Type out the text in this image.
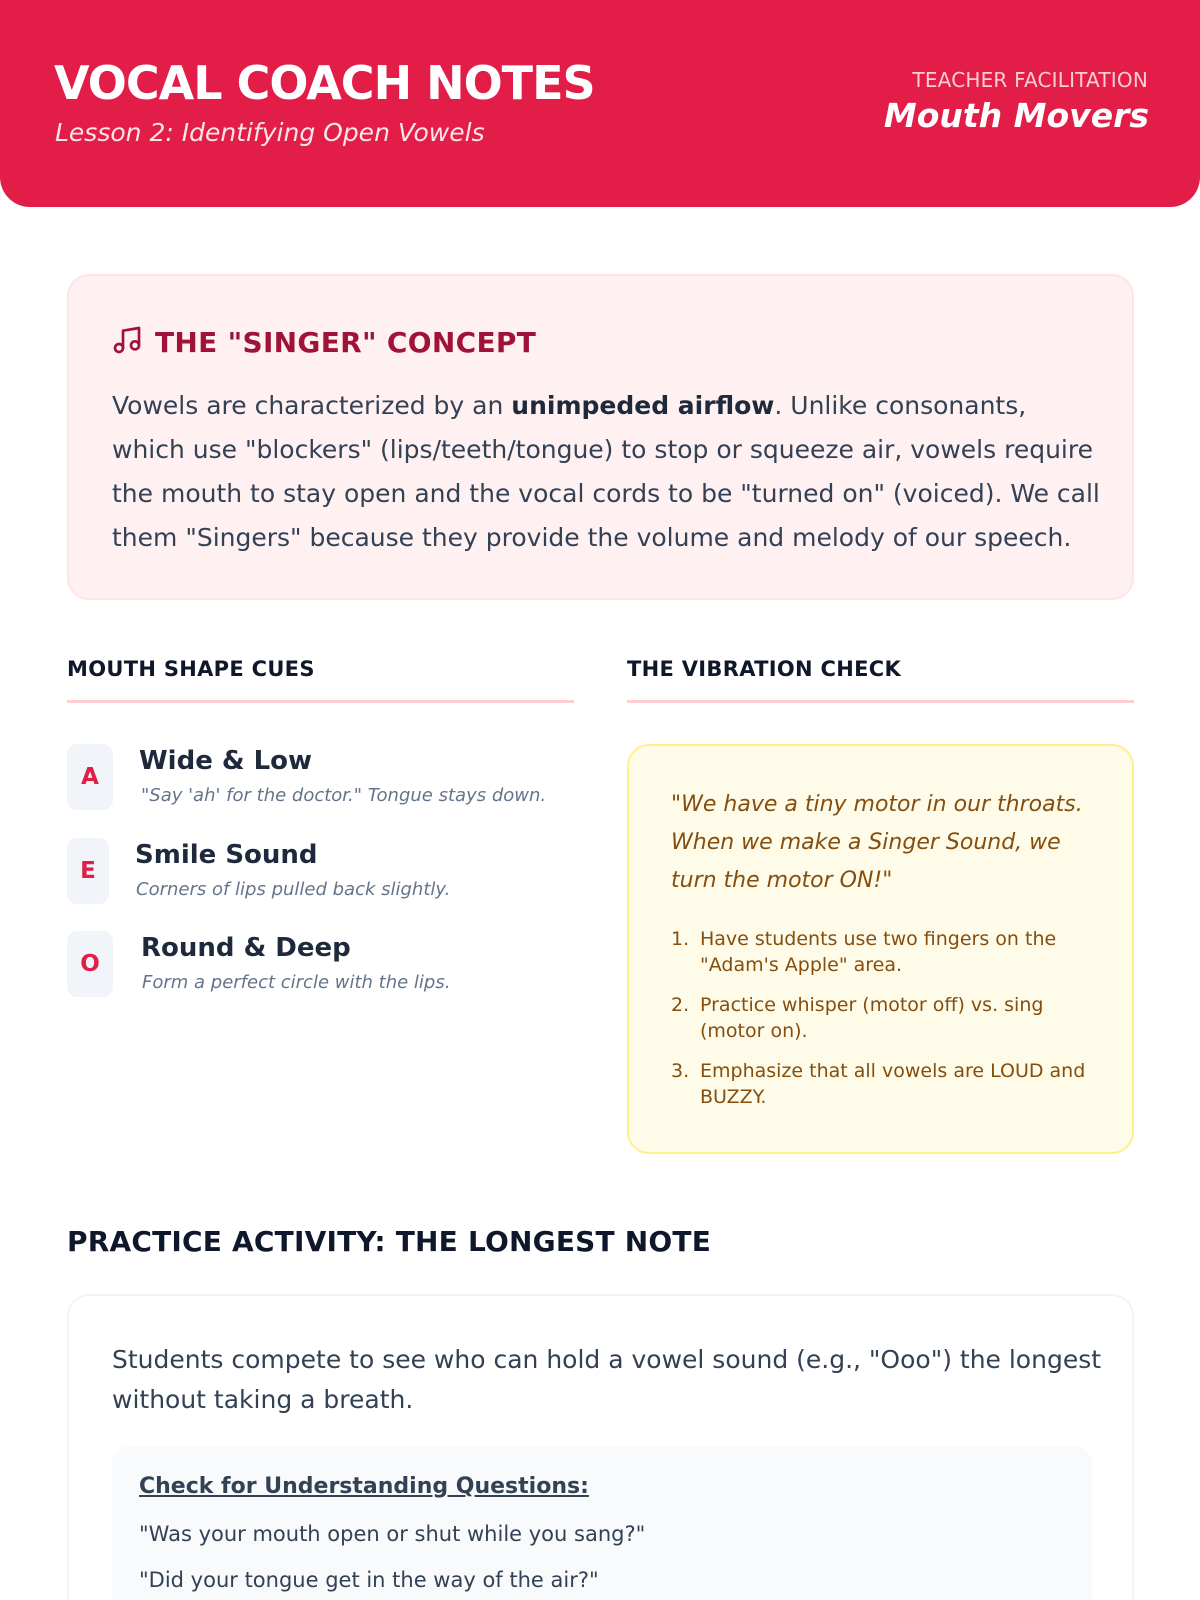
VOCAL COACH NOTES
Lesson 2: Identifying Open Vowels
TEACHER FACILITATION
Mouth Movers
THE "SINGER" CONCEPT

Vowels are characterized by an unimpeded airflow. Unlike consonants, which use "blockers" (lips/teeth/tongue) to stop or squeeze air, vowels require the mouth to stay open and the vocal cords to be "turned on" (voiced). We call them "Singers" because they provide the volume and melody of our speech.

MOUTH SHAPE CUES	THE VIBRATION CHECK
A
Wide & Low
"Say 'ah' for the doctor." Tongue stays down.
E
Smile Sound
Corners of lips pulled back slightly.
O
Round & Deep
Form a perfect circle with the lips.

"We have a tiny motor in our throats. When we make a Singer Sound, we turn the motor ON!"

1. Have students use two fingers on the "Adam's Apple" area.
2. Practice whisper (motor off) vs. sing (motor on).
3. Emphasize that all vowels are LOUD and BUZZY.
PRACTICE ACTIVITY: THE LONGEST NOTE

Students compete to see who can hold a vowel sound (e.g., "Ooo") the longest without taking a breath.

Check for Understanding Questions:
"Was your mouth open or shut while you sang?"
"Did your tongue get in the way of the air?"
